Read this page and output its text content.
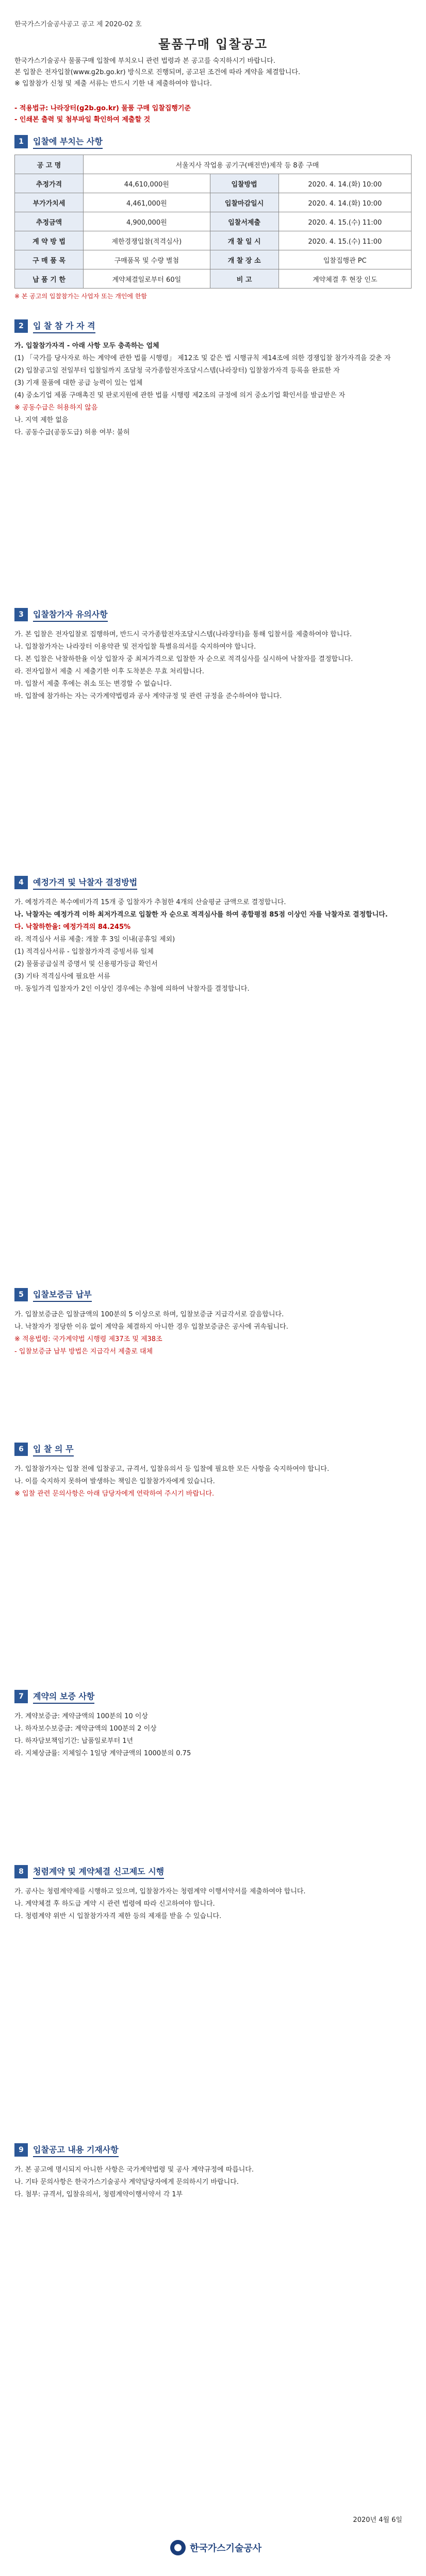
한국가스기술공사공고 공고 제 2020-02 호
물품구매 입찰공고
한국가스기술공사 물품구매 입찰에 부치오니 관련 법령과 본 공고를 숙지하시기 바랍니다.
본 입찰은 전자입찰(www.g2b.go.kr) 방식으로 진행되며, 공고된 조건에 따라 계약을 체결합니다.
※ 입찰참가 신청 및 제출 서류는 반드시 기한 내 제출하여야 합니다.
- 적용법규: 나라장터(g2b.go.kr) 물품 구매 입찰집행기준
- 인쇄본 출력 및 첨부파일 확인하여 제출할 것
1	입찰에 부치는 사항
공 고 명	서울지사 작업용 공기구(배전반)제작 등 8종 구매		
추정가격	44,610,000원	입찰방법	2020. 4. 14.(화) 10:00
부가가치세	4,461,000원	입찰마감일시	2020. 4. 14.(화) 10:00
추정금액	4,900,000원	입찰서제출	2020. 4. 15.(수) 11:00
계 약 방 법	제한경쟁입찰(적격심사)	개 찰 일 시	2020. 4. 15.(수) 11:00
구 매 품 목	구매품목 및 수량 별첨	개 찰 장 소	입찰집행관 PC
납 품 기 한	계약체결일로부터 60일	비 고	계약체결 후 현장 인도
※ 본 공고의 입찰참가는 사업자 또는 개인에 한함
2	입 찰 참 가 자 격
가. 입찰참가자격 - 아래 사항 모두 충족하는 업체
(1) 「국가를 당사자로 하는 계약에 관한 법률 시행령」 제12조 및 같은 법 시행규칙 제14조에 의한 경쟁입찰 참가자격을 갖춘 자
(2) 입찰공고일 전일부터 입찰일까지 조달청 국가종합전자조달시스템(나라장터) 입찰참가자격 등록을 완료한 자
(3) 기재 물품에 대한 공급 능력이 있는 업체
(4) 중소기업 제품 구매촉진 및 판로지원에 관한 법률 시행령 제2조의 규정에 의거 중소기업 확인서를 발급받은 자
※ 공동수급은 허용하지 않음
나. 지역 제한 없음
다. 공동수급(공동도급) 허용 여부: 불허
3	입찰참가자 유의사항
가. 본 입찰은 전자입찰로 집행하며, 반드시 국가종합전자조달시스템(나라장터)을 통해 입찰서를 제출하여야 합니다.
나. 입찰참가자는 나라장터 이용약관 및 전자입찰 특별유의서를 숙지하여야 합니다.
다. 본 입찰은 낙찰하한율 이상 입찰자 중 최저가격으로 입찰한 자 순으로 적격심사를 실시하여 낙찰자를 결정합니다.
라. 전자입찰서 제출 시 제출기한 이후 도착분은 무효 처리합니다.
마. 입찰서 제출 후에는 취소 또는 변경할 수 없습니다.
바. 입찰에 참가하는 자는 국가계약법령과 공사 계약규정 및 관련 규정을 준수하여야 합니다.
4	예정가격 및 낙찰자 결정방법
가. 예정가격은 복수예비가격 15개 중 입찰자가 추첨한 4개의 산술평균 금액으로 결정합니다.
나. 낙찰자는 예정가격 이하 최저가격으로 입찰한 자 순으로 적격심사를 하여 종합평점 85점 이상인 자를 낙찰자로 결정합니다.
다. 낙찰하한율: 예정가격의 84.245%
라. 적격심사 서류 제출: 개찰 후 3일 이내(공휴일 제외)
(1) 적격심사서류 - 입찰참가자격 증빙서류 일체
(2) 물품공급실적 증명서 및 신용평가등급 확인서
(3) 기타 적격심사에 필요한 서류
마. 동일가격 입찰자가 2인 이상인 경우에는 추첨에 의하여 낙찰자를 결정합니다.
5	입찰보증금 납부
가. 입찰보증금은 입찰금액의 100분의 5 이상으로 하며, 입찰보증금 지급각서로 갈음합니다.
나. 낙찰자가 정당한 이유 없이 계약을 체결하지 아니한 경우 입찰보증금은 공사에 귀속됩니다.
※ 적용법령: 국가계약법 시행령 제37조 및 제38조
- 입찰보증금 납부 방법은 지급각서 제출로 대체
6	입 찰 의 무
가. 입찰참가자는 입찰 전에 입찰공고, 규격서, 입찰유의서 등 입찰에 필요한 모든 사항을 숙지하여야 합니다.
나. 이를 숙지하지 못하여 발생하는 책임은 입찰참가자에게 있습니다.
※ 입찰 관련 문의사항은 아래 담당자에게 연락하여 주시기 바랍니다.
7	계약의 보증 사항
가. 계약보증금: 계약금액의 100분의 10 이상
나. 하자보수보증금: 계약금액의 100분의 2 이상
다. 하자담보책임기간: 납품일로부터 1년
라. 지체상금률: 지체일수 1일당 계약금액의 1000분의 0.75
8	청렴계약 및 계약체결 신고제도 시행
가. 공사는 청렴계약제를 시행하고 있으며, 입찰참가자는 청렴계약 이행서약서를 제출하여야 합니다.
나. 계약체결 후 하도급 계약 시 관련 법령에 따라 신고하여야 합니다.
다. 청렴계약 위반 시 입찰참가자격 제한 등의 제재를 받을 수 있습니다.
9	입찰공고 내용 기재사항
가. 본 공고에 명시되지 아니한 사항은 국가계약법령 및 공사 계약규정에 따릅니다.
나. 기타 문의사항은 한국가스기술공사 계약담당자에게 문의하시기 바랍니다.
다. 첨부: 규격서, 입찰유의서, 청렴계약이행서약서 각 1부
2020년 4월 6일
한국가스기술공사
